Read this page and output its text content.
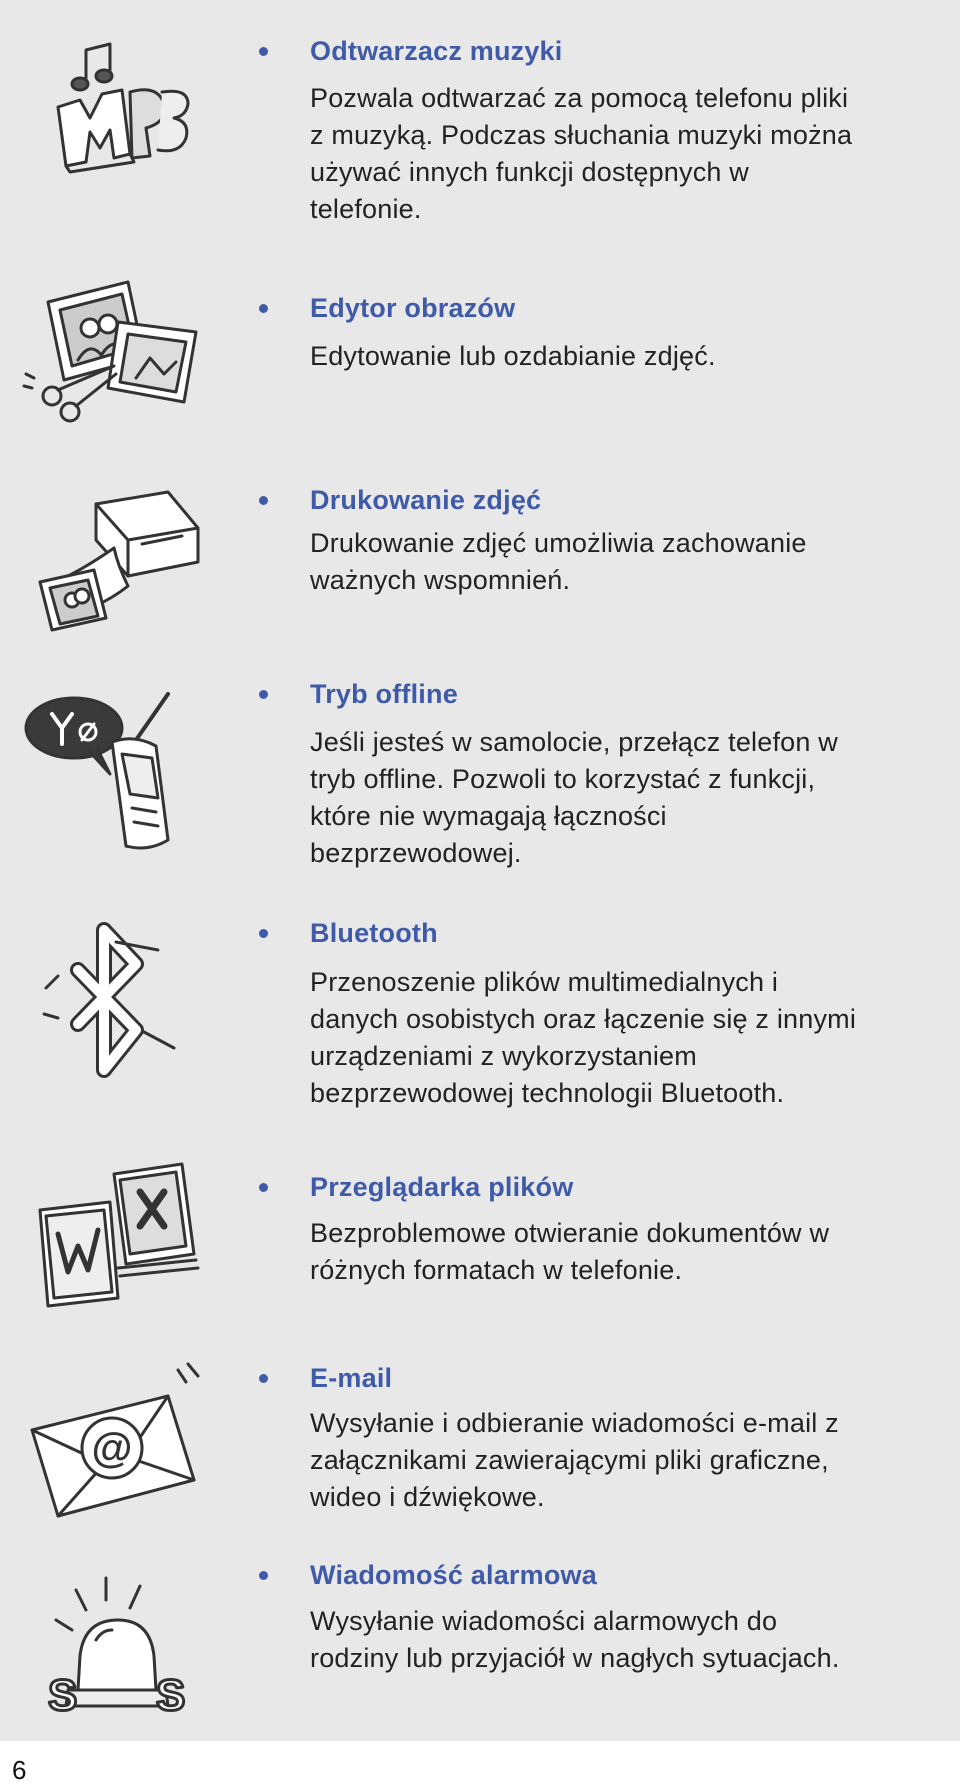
Odtwarzacz muzyki
Pozwala odtwarzać za pomocą telefonu pliki
z muzyką. Podczas słuchania muzyki można
używać innych funkcji dostępnych w
telefonie.
Edytor obrazów
Edytowanie lub ozdabianie zdjęć.
Drukowanie zdjęć
Drukowanie zdjęć umożliwia zachowanie
ważnych wspomnień.
Tryb offline
Jeśli jesteś w samolocie, przełącz telefon w
tryb offline. Pozwoli to korzystać z funkcji,
które nie wymagają łączności
bezprzewodowej.
Bluetooth
Przenoszenie plików multimedialnych i
danych osobistych oraz łączenie się z innymi
urządzeniami z wykorzystaniem
bezprzewodowej technologii Bluetooth.
Przeglądarka plików
Bezproblemowe otwieranie dokumentów w
różnych formatach w telefonie.
@
E-mail
Wysyłanie i odbieranie wiadomości e-mail z
załącznikami zawierającymi pliki graficzne,
wideo i dźwiękowe.
S S
Wiadomość alarmowa
Wysyłanie wiadomości alarmowych do
rodziny lub przyjaciół w nagłych sytuacjach.
6
